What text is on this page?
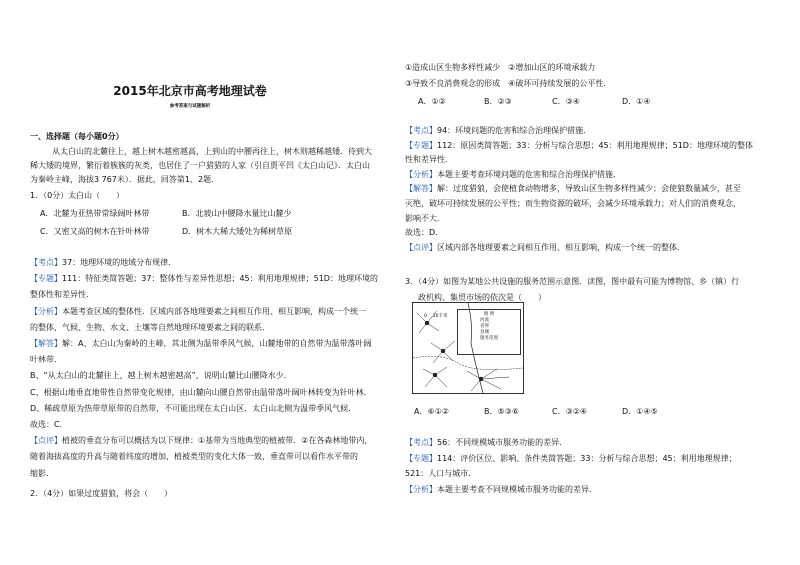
2015年北京市高考地理试卷
参考答案与试题解析
一、选择题（每小题0分）
从太白山的北麓往上，越上树木越密越高，上到山的中腰再往上，树木则越稀越矮．待到大
稀大矮的境界，繁衍着簇簇的灰类，也居住了一户猎猎的人家（引自贾平凹《太白山记》．太白山
为秦岭主峰，海拔3 767米）．据此，回答第1、2题．
1．（0分）太白山（　　）
A．北麓为亚热带常绿阔叶林带	B．北坡山中腰降水量比山麓少
C．又密又高的树木在针叶林带	D．树木大稀大矮处为稀树草原
【考点】37：地理环境的地域分布规律．
【专题】111：特征类简答题；37：整体性与差异性思想；45：利用地理规律；51D：地理环境的
整体性和差异性．
【分析】本题考查区域的整体性．区域内部各地理要素之间相互作用、相互影响，构成一个统一
的整体，气候、生物、水文、土壤等自然地理环境要素之间的联系．
【解答】解：A、太白山为秦岭的主峰，其北侧为温带季风气候，山麓地带的自然带为温带落叶阔
叶林带．
B、“从太白山的北麓往上，越上树木越密越高”，说明山麓比山腰降水少．
C、根据山地垂直地带性自然带变化规律，由山麓向山腰自然带由温带落叶阔叶林转变为针叶林．
D、稀疏草原为热带草原带的自然带，不可能出现在太白山区．太白山北侧为温带季风气候．
故选：C．
【点评】植被的垂直分布可以概括为以下规律：①基带为当地典型的植被带．②在各森林地带内，
随着海拔高度的升高与随着纬度的增加，植被类型的变化大体一致，垂直带可以看作水平带的
缩影．
2．（4分）如果过度猎狼，将会（　　）
①造成山区生物多样性减少　②增加山区的环境承载力
③导致不良消费观念的形成　④破坏可持续发展的公平性．
A．①②	B．②③	C．③④	D．①④
【考点】94：环境问题的危害和综合治理保护措施．
【专题】112：原因类简答题；33：分析与综合思想；45：利用地理规律；51D：地理环境的整体
性和差异性．
【分析】本题主要考查环境问题的危害和综合治理保护措施．
【解答】解：过度猎狼，会使植食动物增多，导致山区生物多样性减少；会使狼数量减少，甚至
灭绝，破坏可持续发展的公平性；而生物资源的破坏，会减少环境承载力；对人们的消费观念，
影响不大．
故选：D．
【点评】区域内部各地理要素之间相互作用、相互影响，构成一个统一的整体．
3．（4分）如图为某地公共设施的服务范围示意图．读图，图中最有可能为博物馆、乡（镇）行
政机构、集贸市场的依次是（　　）
图 例
河流
省界
县城
服务范围
0　 10千米
A．⑥①②	B．⑤③⑥	C．③②④	D．①④⑤
【考点】56：不同规模城市服务功能的差异．
【专题】114：评价区位、影响、条件类简答题；33：分析与综合思想；45：利用地理规律；
521：人口与城市．
【分析】本题主要考查不同规模城市服务功能的差异．
